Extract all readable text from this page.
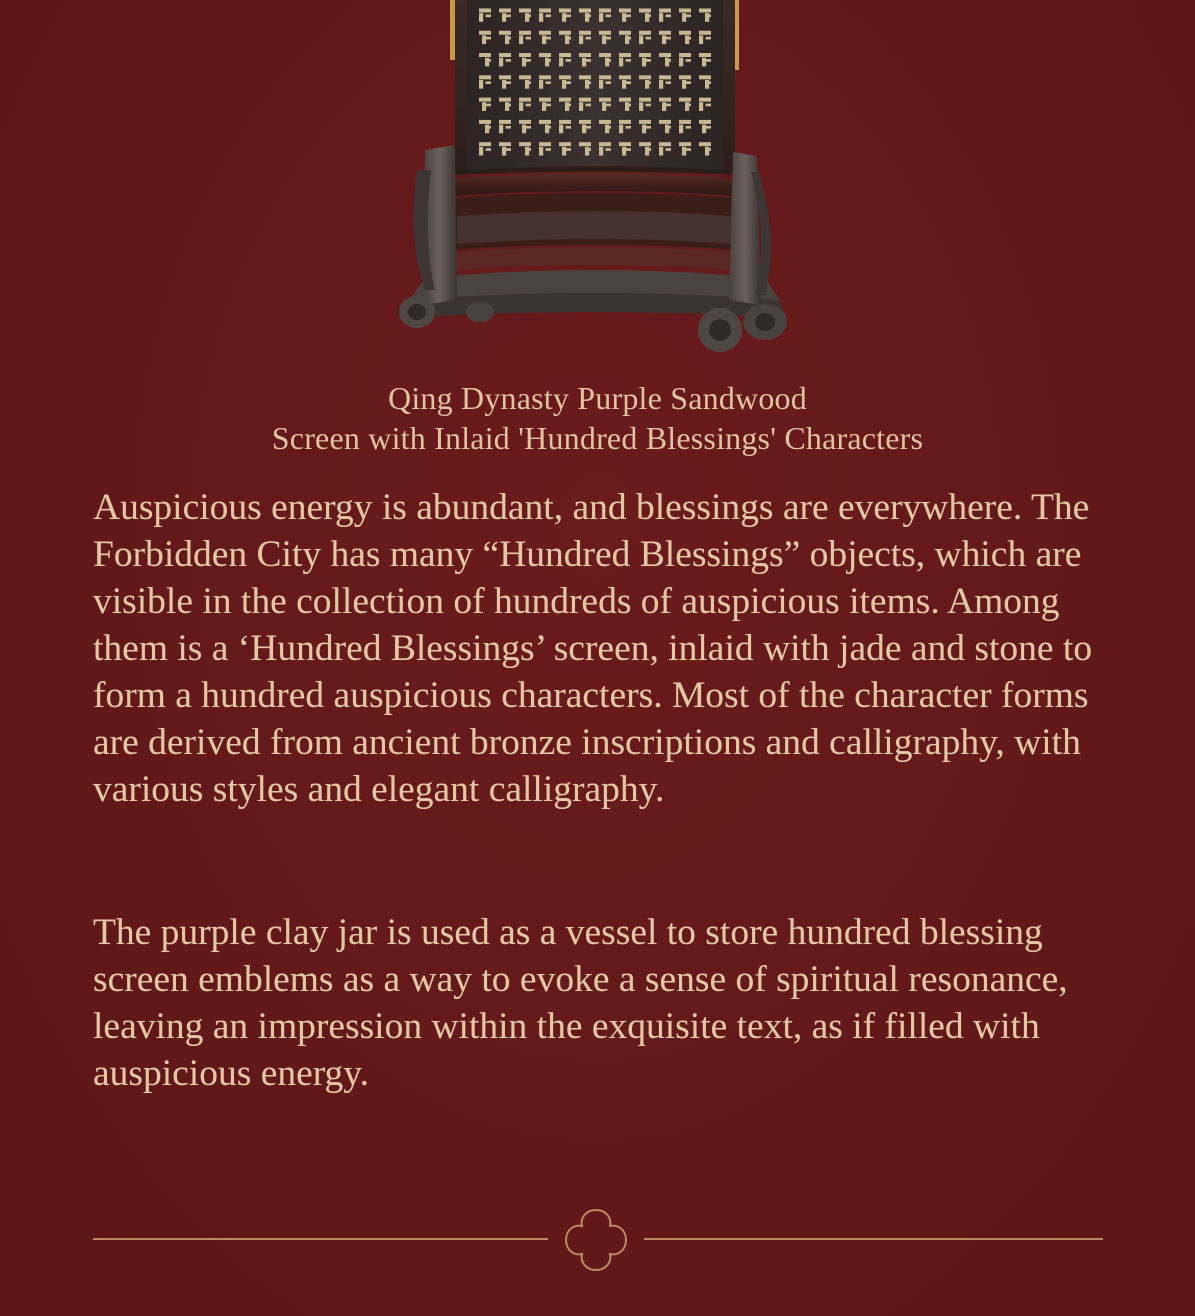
Qing Dynasty Purple Sandwood
Screen with Inlaid 'Hundred Blessings' Characters

Auspicious energy is abundant, and blessings are everywhere. The Forbidden City has many “Hundred Blessings” objects, which are visible in the collection of hundreds of auspicious items. Among them is a ‘Hundred Blessings’ screen, inlaid with jade and stone to form a hundred auspicious characters. Most of the character forms are derived from ancient bronze inscriptions and calligraphy, with various styles and elegant calligraphy.

The purple clay jar is used as a vessel to store hundred blessing screen emblems as a way to evoke a sense of spiritual resonance, leaving an impression within the exquisite text, as if filled with auspicious energy.
